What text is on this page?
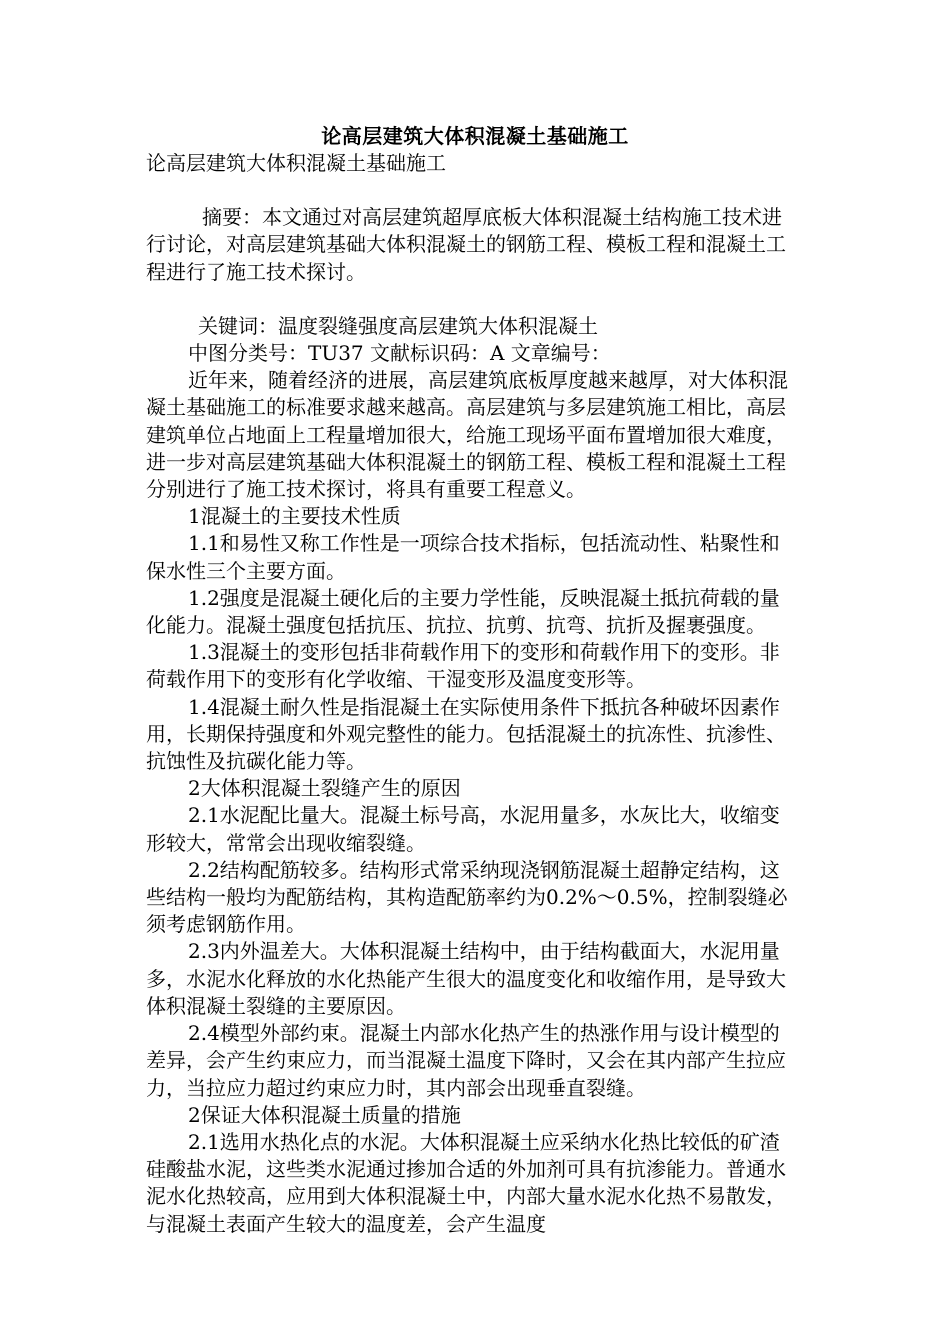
论高层建筑大体积混凝土基础施工

论高层建筑大体积混凝土基础施工

摘要：本文通过对高层建筑超厚底板大体积混凝土结构施工技术进行讨论，对高层建筑基础大体积混凝土的钢筋工程、模板工程和混凝土工程进行了施工技术探讨。

关键词：温度裂缝强度高层建筑大体积混凝土

中图分类号：TU37 文献标识码：A 文章编号：

近年来，随着经济的进展，高层建筑底板厚度越来越厚，对大体积混凝土基础施工的标准要求越来越高。高层建筑与多层建筑施工相比，高层建筑单位占地面上工程量增加很大，给施工现场平面布置增加很大难度，进一步对高层建筑基础大体积混凝土的钢筋工程、模板工程和混凝土工程分别进行了施工技术探讨，将具有重要工程意义。

1混凝土的主要技术性质

1.1和易性又称工作性是一项综合技术指标，包括流动性、粘聚性和保水性三个主要方面。

1.2强度是混凝土硬化后的主要力学性能，反映混凝土抵抗荷载的量化能力。混凝土强度包括抗压、抗拉、抗剪、抗弯、抗折及握裹强度。

1.3混凝土的变形包括非荷载作用下的变形和荷载作用下的变形。非荷载作用下的变形有化学收缩、干湿变形及温度变形等。

1.4混凝土耐久性是指混凝土在实际使用条件下抵抗各种破坏因素作用，长期保持强度和外观完整性的能力。包括混凝土的抗冻性、抗渗性、抗蚀性及抗碳化能力等。

2大体积混凝土裂缝产生的原因

2.1水泥配比量大。混凝土标号高，水泥用量多，水灰比大，收缩变形较大，常常会出现收缩裂缝。

2.2结构配筋较多。结构形式常采纳现浇钢筋混凝土超静定结构，这些结构一般均为配筋结构，其构造配筋率约为0.2%～0.5%，控制裂缝必须考虑钢筋作用。

2.3内外温差大。大体积混凝土结构中，由于结构截面大，水泥用量多，水泥水化释放的水化热能产生很大的温度变化和收缩作用，是导致大体积混凝土裂缝的主要原因。

2.4模型外部约束。混凝土内部水化热产生的热涨作用与设计模型的差异，会产生约束应力，而当混凝土温度下降时，又会在其内部产生拉应力，当拉应力超过约束应力时，其内部会出现垂直裂缝。

2保证大体积混凝土质量的措施

2.1选用水热化点的水泥。大体积混凝土应采纳水化热比较低的矿渣硅酸盐水泥，这些类水泥通过掺加合适的外加剂可具有抗渗能力。普通水泥水化热较高，应用到大体积混凝土中，内部大量水泥水化热不易散发，与混凝土表面产生较大的温度差，会产生温度
